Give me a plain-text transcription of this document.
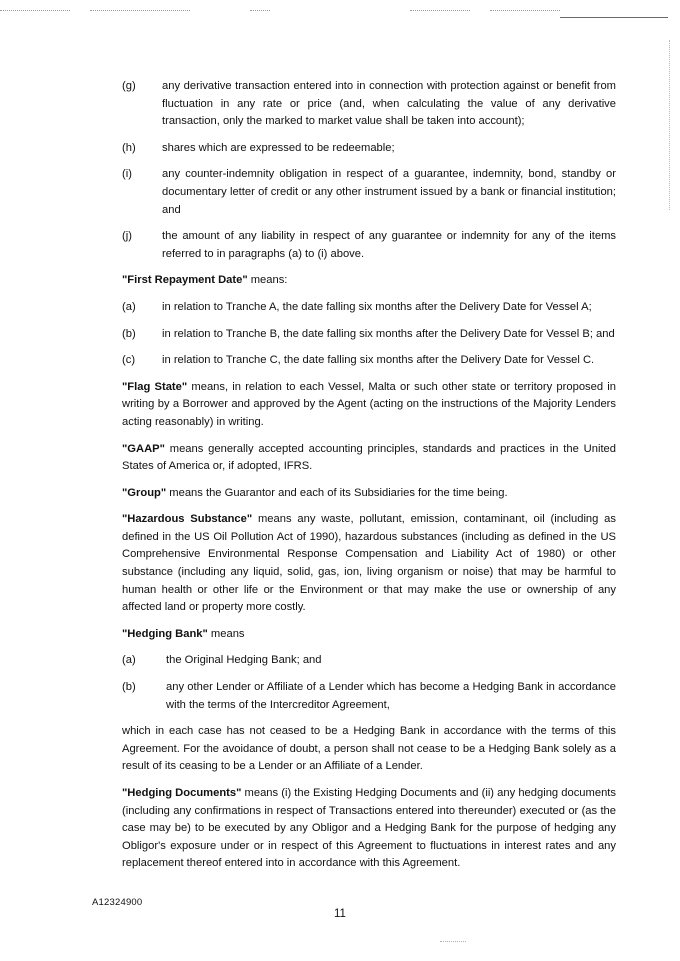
(g)	any derivative transaction entered into in connection with protection against or benefit from fluctuation in any rate or price (and, when calculating the value of any derivative transaction, only the marked to market value shall be taken into account);
(h)	shares which are expressed to be redeemable;
(i)	any counter-indemnity obligation in respect of a guarantee, indemnity, bond, standby or documentary letter of credit or any other instrument issued by a bank or financial institution; and
(j)	the amount of any liability in respect of any guarantee or indemnity for any of the items referred to in paragraphs (a) to (i) above.

"First Repayment Date" means:

(a)	in relation to Tranche A, the date falling six months after the Delivery Date for Vessel A;
(b)	in relation to Tranche B, the date falling six months after the Delivery Date for Vessel B; and
(c)	in relation to Tranche C, the date falling six months after the Delivery Date for Vessel C.

"Flag State" means, in relation to each Vessel, Malta or such other state or territory proposed in writing by a Borrower and approved by the Agent (acting on the instructions of the Majority Lenders acting reasonably) in writing.

"GAAP" means generally accepted accounting principles, standards and practices in the United States of America or, if adopted, IFRS.

"Group" means the Guarantor and each of its Subsidiaries for the time being.

"Hazardous Substance" means any waste, pollutant, emission, contaminant, oil (including as defined in the US Oil Pollution Act of 1990), hazardous substances (including as defined in the US Comprehensive Environmental Response Compensation and Liability Act of 1980) or other substance (including any liquid, solid, gas, ion, living organism or noise) that may be harmful to human health or other life or the Environment or that may make the use or ownership of any affected land or property more costly.

"Hedging Bank" means

(a)	the Original Hedging Bank; and
(b)	any other Lender or Affiliate of a Lender which has become a Hedging Bank in accordance with the terms of the Intercreditor Agreement,

which in each case has not ceased to be a Hedging Bank in accordance with the terms of this Agreement. For the avoidance of doubt, a person shall not cease to be a Hedging Bank solely as a result of its ceasing to be a Lender or an Affiliate of a Lender.

"Hedging Documents" means (i) the Existing Hedging Documents and (ii) any hedging documents (including any confirmations in respect of Transactions entered into thereunder) executed or (as the case may be) to be executed by any Obligor and a Hedging Bank for the purpose of hedging any Obligor's exposure under or in respect of this Agreement to fluctuations in interest rates and any replacement thereof entered into in accordance with this Agreement.

A12324900
11
